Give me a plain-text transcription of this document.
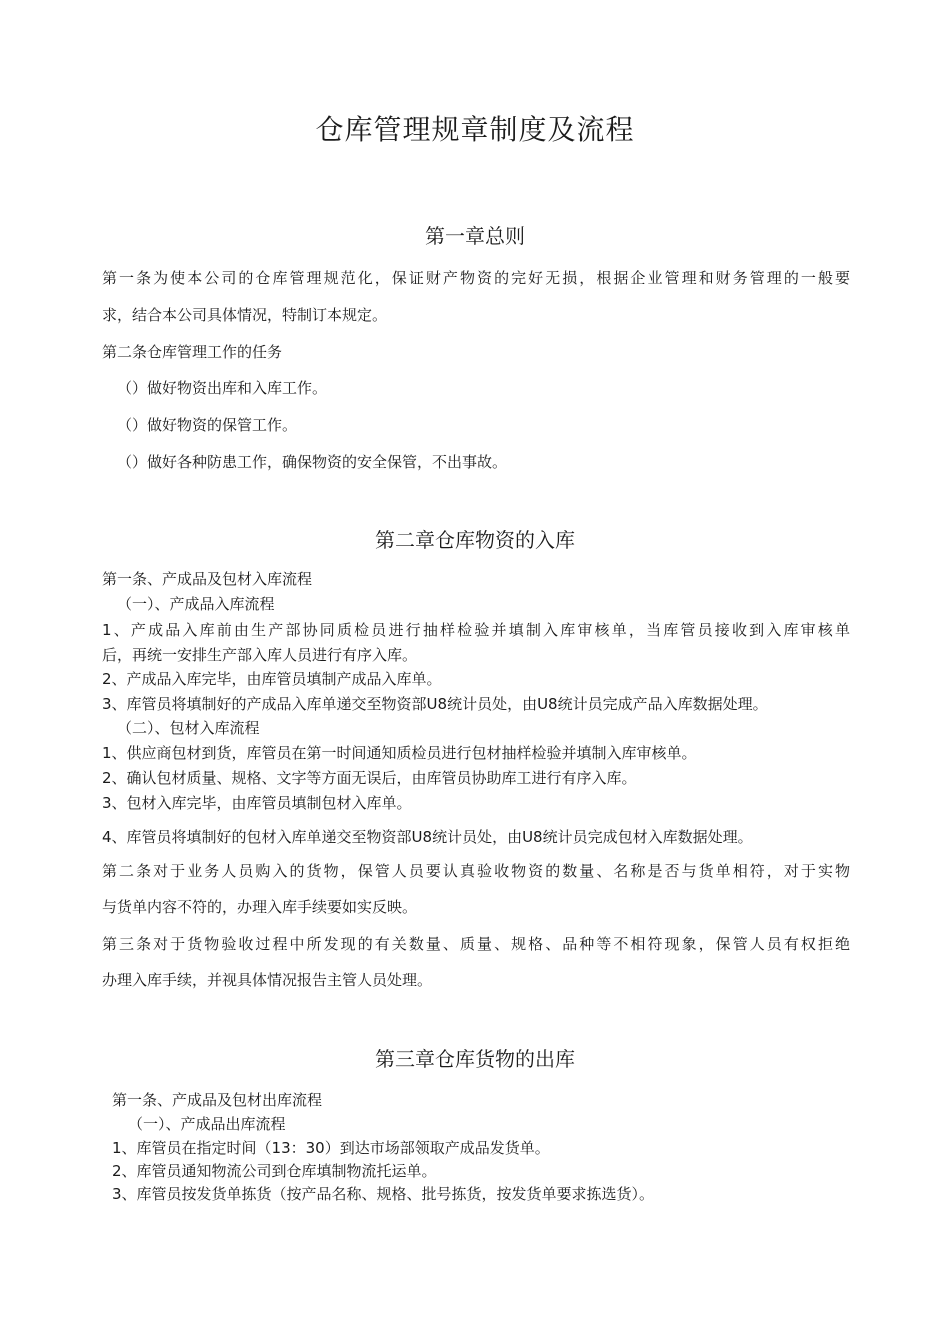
仓库管理规章制度及流程
第一章总则
第一条为使本公司的仓库管理规范化，保证财产物资的完好无损，根据企业管理和财务管理的一般要
求，结合本公司具体情况，特制订本规定。
第二条仓库管理工作的任务
（）做好物资出库和入库工作。
（）做好物资的保管工作。
（）做好各种防患工作，确保物资的安全保管，不出事故。
第二章仓库物资的入库
第一条、产成品及包材入库流程
（一）、产成品入库流程
1、产成品入库前由生产部协同质检员进行抽样检验并填制入库审核单，当库管员接收到入库审核单
后，再统一安排生产部入库人员进行有序入库。
2、产成品入库完毕，由库管员填制产成品入库单。
3、库管员将填制好的产成品入库单递交至物资部U8统计员处，由U8统计员完成产品入库数据处理。
（二）、包材入库流程
1、供应商包材到货，库管员在第一时间通知质检员进行包材抽样检验并填制入库审核单。
2、确认包材质量、规格、文字等方面无误后，由库管员协助库工进行有序入库。
3、包材入库完毕，由库管员填制包材入库单。
4、库管员将填制好的包材入库单递交至物资部U8统计员处，由U8统计员完成包材入库数据处理。
第二条对于业务人员购入的货物，保管人员要认真验收物资的数量、名称是否与货单相符，对于实物
与货单内容不符的，办理入库手续要如实反映。
第三条对于货物验收过程中所发现的有关数量、质量、规格、品种等不相符现象，保管人员有权拒绝
办理入库手续，并视具体情况报告主管人员处理。
第三章仓库货物的出库
第一条、产成品及包材出库流程
（一）、产成品出库流程
1、库管员在指定时间（13：30）到达市场部领取产成品发货单。
2、库管员通知物流公司到仓库填制物流托运单。
3、库管员按发货单拣货（按产品名称、规格、批号拣货，按发货单要求拣选货）。
